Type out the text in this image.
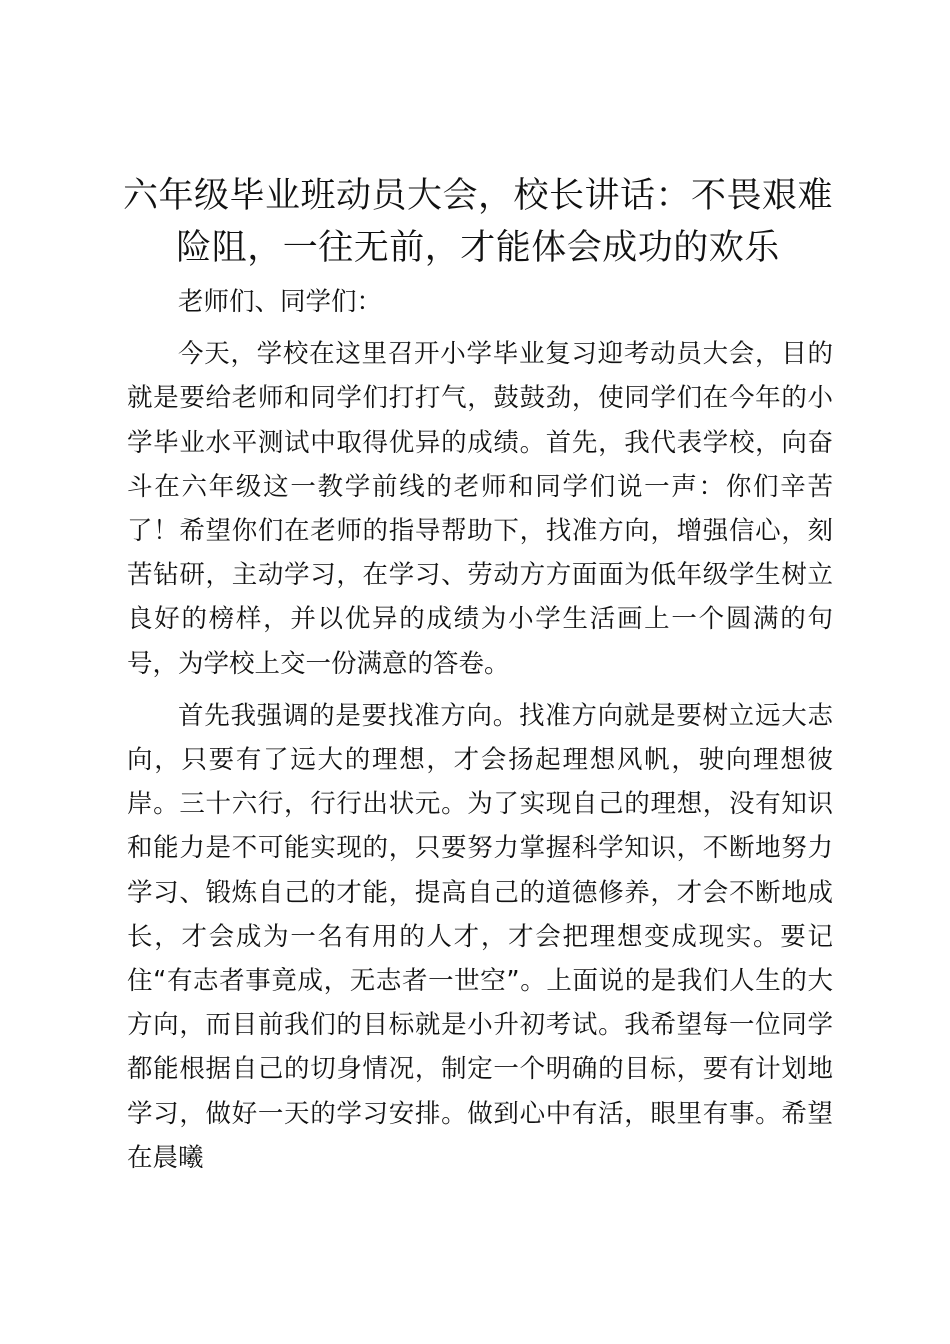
六年级毕业班动员大会，校长讲话：不畏艰难险阻，一往无前，才能体会成功的欢乐

老师们、同学们：

今天，学校在这里召开小学毕业复习迎考动员大会，目的就是要给老师和同学们打打气，鼓鼓劲，使同学们在今年的小学毕业水平测试中取得优异的成绩。首先，我代表学校，向奋斗在六年级这一教学前线的老师和同学们说一声：你们辛苦了！希望你们在老师的指导帮助下，找准方向，增强信心，刻苦钻研，主动学习，在学习、劳动方方面面为低年级学生树立良好的榜样，并以优异的成绩为小学生活画上一个圆满的句号，为学校上交一份满意的答卷。

首先我强调的是要找准方向。找准方向就是要树立远大志向，只要有了远大的理想，才会扬起理想风帆，驶向理想彼岸。三十六行，行行出状元。为了实现自己的理想，没有知识和能力是不可能实现的，只要努力掌握科学知识，不断地努力学习、锻炼自己的才能，提高自己的道德修养，才会不断地成长，才会成为一名有用的人才，才会把理想变成现实。要记住“有志者事竟成，无志者一世空”。上面说的是我们人生的大方向，而目前我们的目标就是小升初考试。我希望每一位同学都能根据自己的切身情况，制定一个明确的目标，要有计划地学习，做好一天的学习安排。做到心中有活，眼里有事。希望在晨曦
